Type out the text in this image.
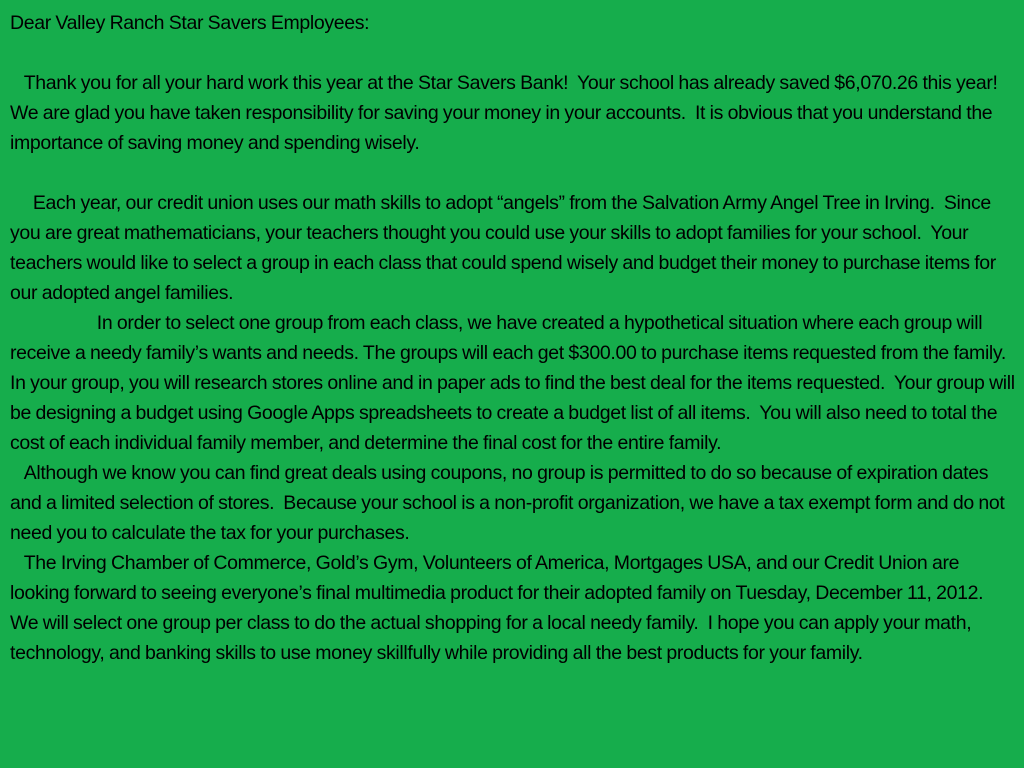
Dear Valley Ranch Star Savers Employees:

Thank you for all your hard work this year at the Star Savers Bank!  Your school has already saved $6,070.26 this year! We are glad you have taken responsibility for saving your money in your accounts.  It is obvious that you understand the importance of saving money and spending wisely.

Each year, our credit union uses our math skills to adopt “angels” from the Salvation Army Angel Tree in Irving.  Since you are great mathematicians, your teachers thought you could use your skills to adopt families for your school.  Your teachers would like to select a group in each class that could spend wisely and budget their money to purchase items for our adopted angel families.

In order to select one group from each class, we have created a hypothetical situation where each group will receive a needy family’s wants and needs. The groups will each get $300.00 to purchase items requested from the family.  In your group, you will research stores online and in paper ads to find the best deal for the items requested.  Your group will be designing a budget using Google Apps spreadsheets to create a budget list of all items.  You will also need to total the cost of each individual family member, and determine the final cost for the entire family.

Although we know you can find great deals using coupons, no group is permitted to do so because of expiration dates and a limited selection of stores.  Because your school is a non-profit organization, we have a tax exempt form and do not need you to calculate the tax for your purchases.

The Irving Chamber of Commerce, Gold’s Gym, Volunteers of America, Mortgages USA, and our Credit Union are looking forward to seeing everyone’s final multimedia product for their adopted family on Tuesday, December 11, 2012.  We will select one group per class to do the actual shopping for a local needy family.  I hope you can apply your math, technology, and banking skills to use money skillfully while providing all the best products for your family.
